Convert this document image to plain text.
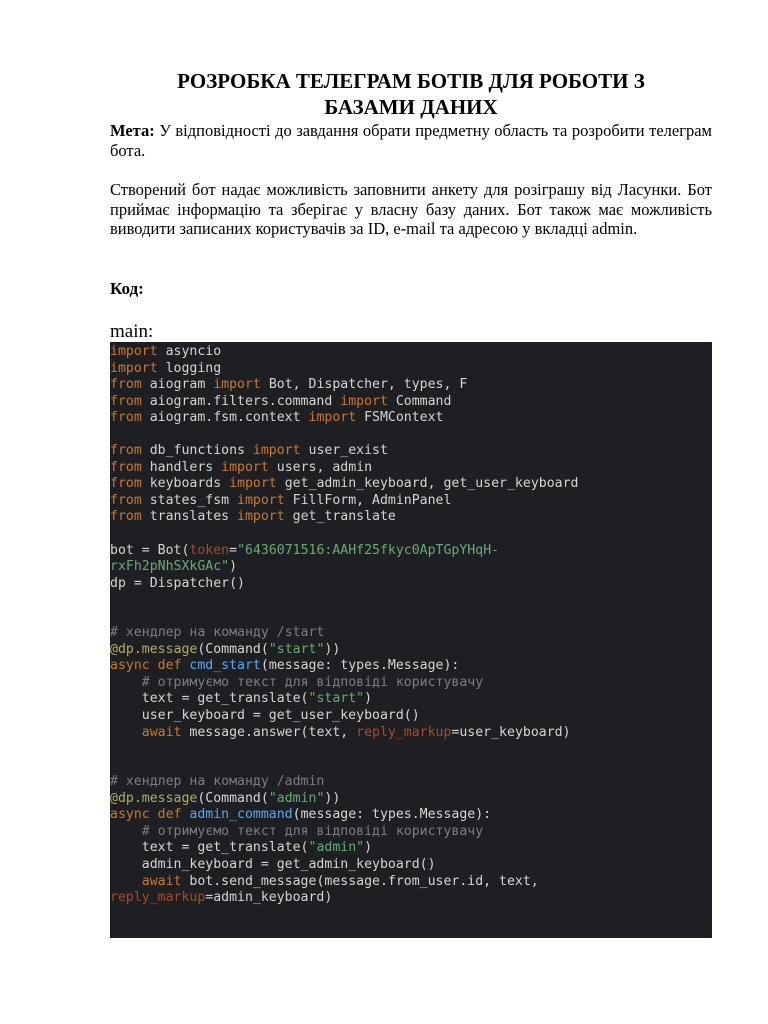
РОЗРОБКА ТЕЛЕГРАМ БОТІВ ДЛЯ РОБОТИ З
БАЗАМИ ДАНИХ

Мета: У відповідності до завдання обрати предметну область та розробити телеграм бота.

Створений бот надає можливість заповнити анкету для розіграшу від Ласунки. Бот приймає інформацію та зберігає у власну базу даних. Бот також має можливість виводити записаних користувачів за ID, e-mail та адресою у вкладці admin.

Код:

main:
import asyncio
import logging
from aiogram import Bot, Dispatcher, types, F
from aiogram.filters.command import Command
from aiogram.fsm.context import FSMContext
from db_functions import user_exist
from handlers import users, admin
from keyboards import get_admin_keyboard, get_user_keyboard
from states_fsm import FillForm, AdminPanel
from translates import get_translate
bot = Bot(token="6436071516:AAHf25fkyc0ApTGpYHqH-
rxFh2pNhSXkGAc")
dp = Dispatcher()
# хендлер на команду /start
@dp.message(Command("start"))
async def cmd_start(message: types.Message):
# отримуємо текст для відповіді користувачу
text = get_translate("start")
user_keyboard = get_user_keyboard()
await message.answer(text, reply_markup=user_keyboard)
# хендлер на команду /admin
@dp.message(Command("admin"))
async def admin_command(message: types.Message):
# отримуємо текст для відповіді користувачу
text = get_translate("admin")
admin_keyboard = get_admin_keyboard()
await bot.send_message(message.from_user.id, text,
reply_markup=admin_keyboard)
